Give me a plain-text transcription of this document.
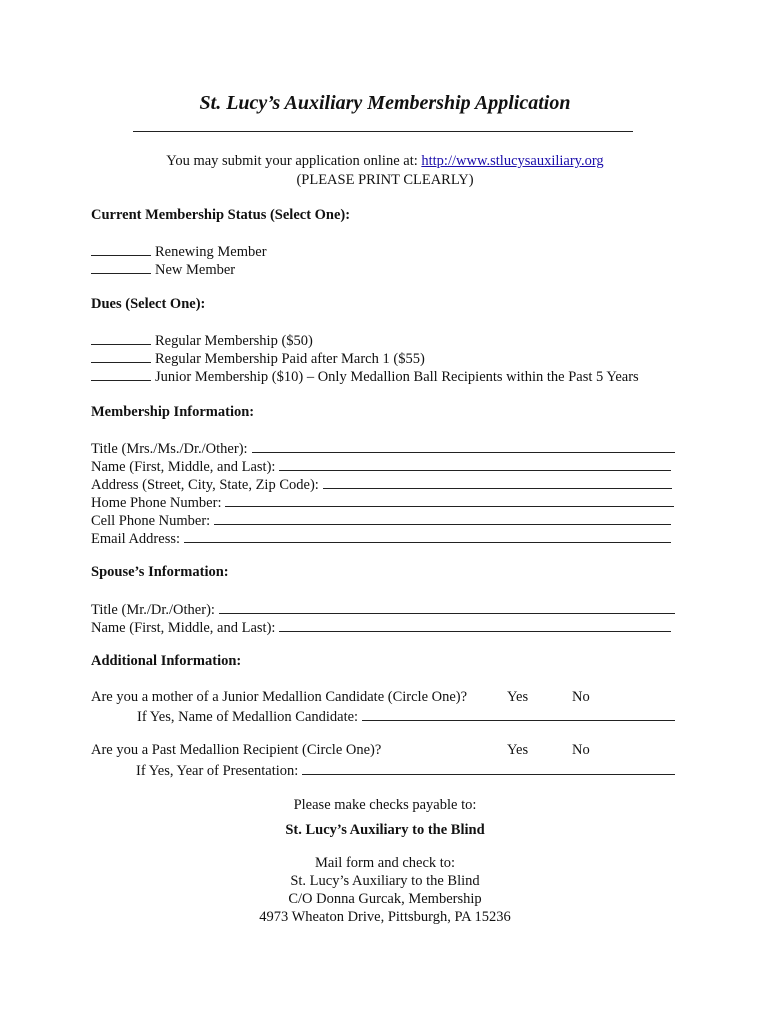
St. Lucy’s Auxiliary Membership Application
You may submit your application online at: http://www.stlucysauxiliary.org
(PLEASE PRINT CLEARLY)
Current Membership Status (Select One):
Renewing Member
New Member
Dues (Select One):
Regular Membership ($50)
Regular Membership Paid after March 1 ($55)
Junior Membership ($10) – Only Medallion Ball Recipients within the Past 5 Years
Membership Information:
Title (Mrs./Ms./Dr./Other):
Name (First, Middle, and Last):
Address (Street, City, State, Zip Code):
Home Phone Number:
Cell Phone Number:
Email Address:
Spouse’s Information:
Title (Mr./Dr./Other):
Name (First, Middle, and Last):
Additional Information:
Are you a mother of a Junior Medallion Candidate (Circle One)?	Yes	No
If Yes, Name of Medallion Candidate:
Are you a Past Medallion Recipient (Circle One)?	Yes	No
If Yes, Year of Presentation:
Please make checks payable to:
St. Lucy’s Auxiliary to the Blind
Mail form and check to:
St. Lucy’s Auxiliary to the Blind
C/O Donna Gurcak, Membership
4973 Wheaton Drive, Pittsburgh, PA 15236
